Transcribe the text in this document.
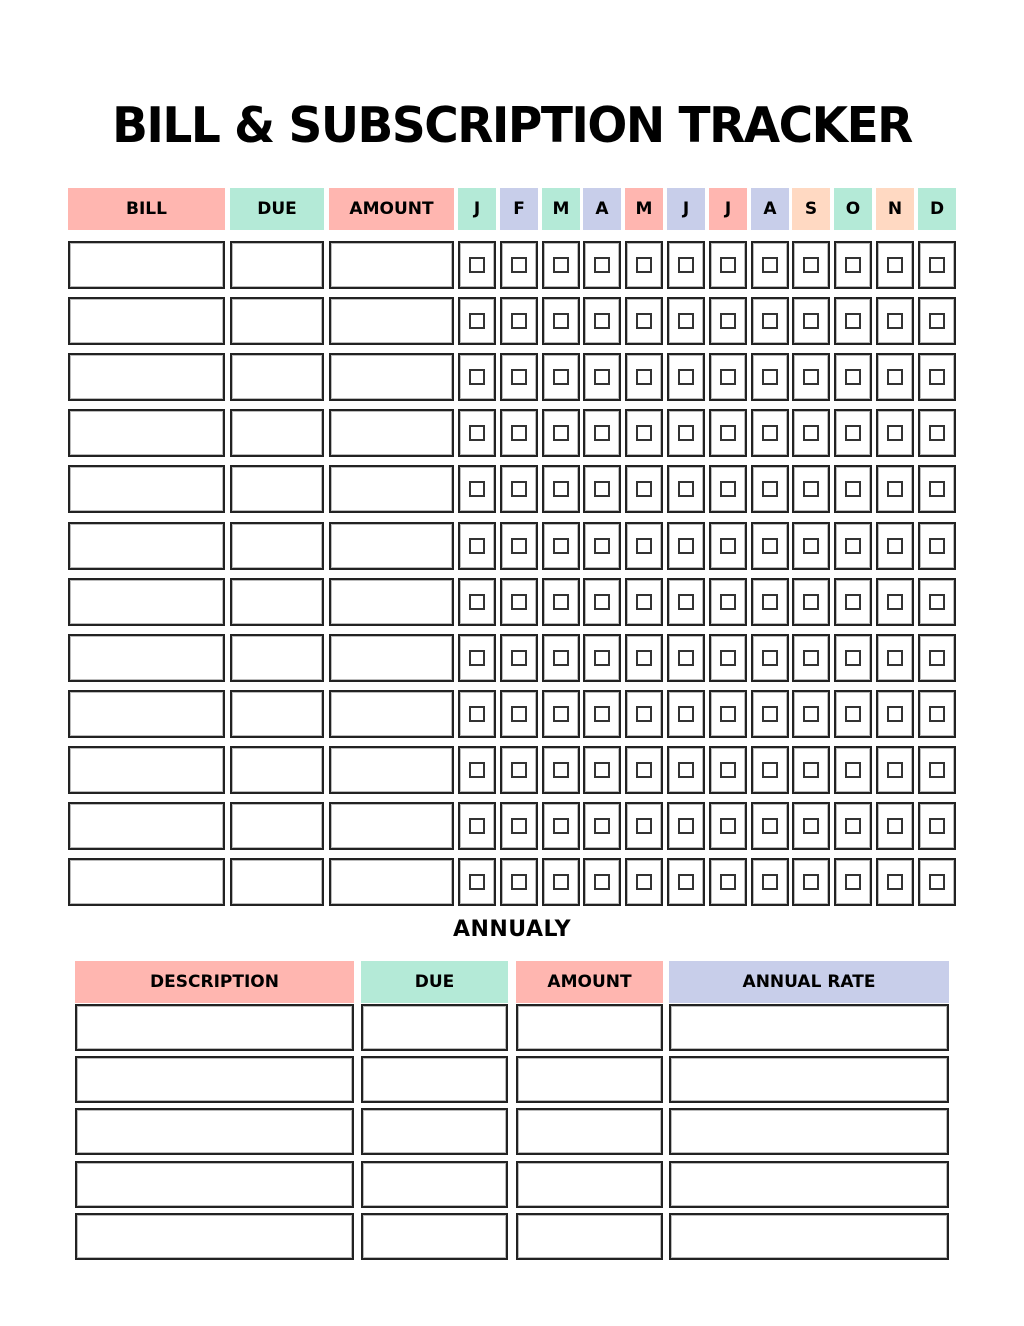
BILL & SUBSCRIPTION TRACKER
BILL	DUE	AMOUNT	J	F	M	A	M	J	J	A	S	O	N	D
ANNUALY
DESCRIPTION	DUE	AMOUNT	ANNUAL RATE
